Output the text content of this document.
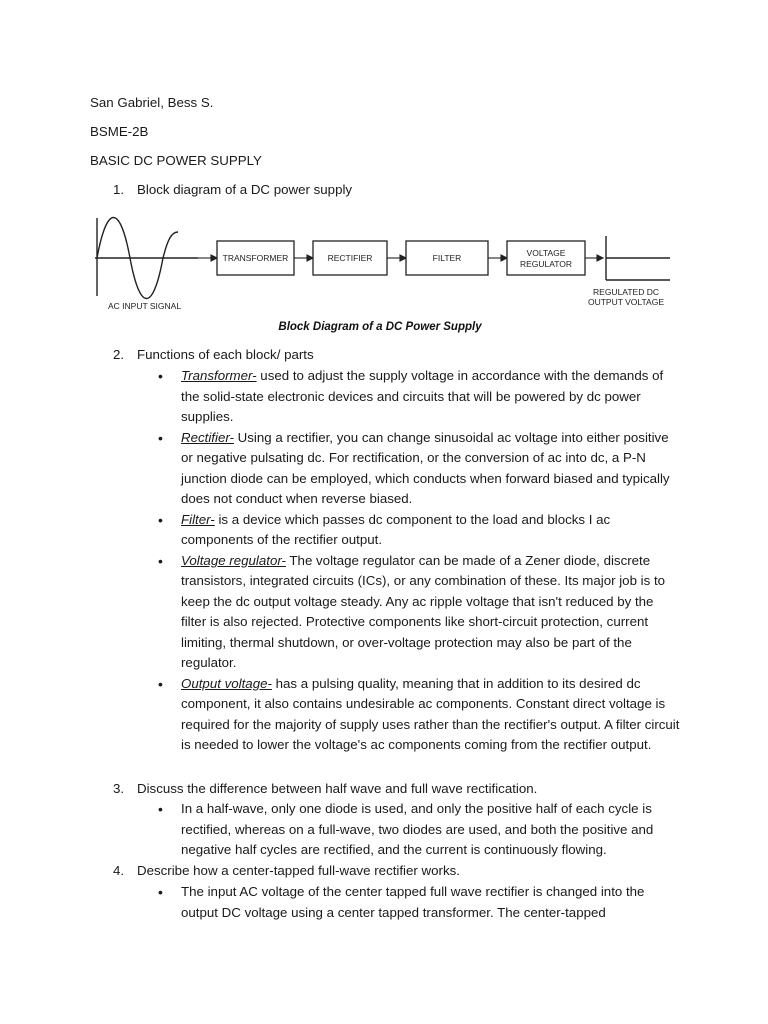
San Gabriel, Bess S.
BSME-2B
BASIC DC POWER SUPPLY
1. Block diagram of a DC power supply
AC INPUT SIGNAL
TRANSFORMER	RECTIFIER	FILTER	VOLTAGE
REGULATOR
REGULATED DC
OUTPUT VOLTAGE
Block Diagram of a DC Power Supply
2. Functions of each block/ parts
• Transformer- used to adjust the supply voltage in accordance with the demands of the solid-state electronic devices and circuits that will be powered by dc power supplies.
• Rectifier- Using a rectifier, you can change sinusoidal ac voltage into either positive or negative pulsating dc. For rectification, or the conversion of ac into dc, a P-N junction diode can be employed, which conducts when forward biased and typically does not conduct when reverse biased.
• Filter- is a device which passes dc component to the load and blocks I ac components of the rectifier output.
• Voltage regulator- The voltage regulator can be made of a Zener diode, discrete transistors, integrated circuits (ICs), or any combination of these. Its major job is to keep the dc output voltage steady. Any ac ripple voltage that isn't reduced by the filter is also rejected. Protective components like short-circuit protection, current limiting, thermal shutdown, or over-voltage protection may also be part of the regulator.
• Output voltage- has a pulsing quality, meaning that in addition to its desired dc component, it also contains undesirable ac components. Constant direct voltage is required for the majority of supply uses rather than the rectifier's output. A filter circuit is needed to lower the voltage's ac components coming from the rectifier output.
3. Discuss the difference between half wave and full wave rectification.
• In a half-wave, only one diode is used, and only the positive half of each cycle is rectified, whereas on a full-wave, two diodes are used, and both the positive and negative half cycles are rectified, and the current is continuously flowing.
4. Describe how a center-tapped full-wave rectifier works.
• The input AC voltage of the center tapped full wave rectifier is changed into the output DC voltage using a center tapped transformer. The center-tapped
